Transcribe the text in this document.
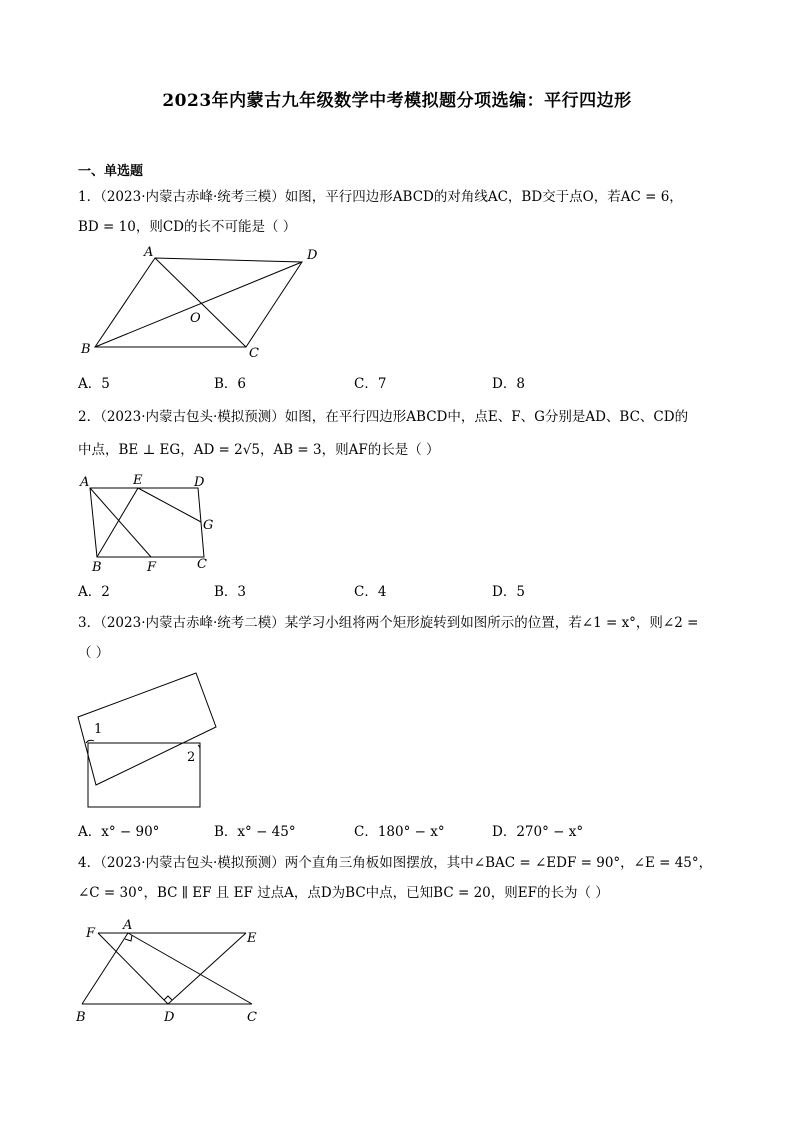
2023年内蒙古九年级数学中考模拟题分项选编：平行四边形
一、单选题
1．（2023·内蒙古赤峰·统考三模）如图，平行四边形ABCD的对角线AC，BD交于点O，若AC = 6，
BD = 10，则CD的长不可能是（ ）
A	D
B	C
O
A．5	B．6	C．7	D．8
2．（2023·内蒙古包头·模拟预测）如图，在平行四边形ABCD中，点E、F、G分别是AD、BC、CD的
中点，BE ⊥ EG，AD = 2√5，AB = 3，则AF的长是（ ）
A	E	D
G
B	F	C
A．2	B．3	C．4	D．5
3．（2023·内蒙古赤峰·统考二模）某学习小组将两个矩形旋转到如图所示的位置，若∠1 = x°，则∠2 =
（ ）
1
2
A．x° − 90°	B．x° − 45°	C．180° − x°	D．270° − x°
4．（2023·内蒙古包头·模拟预测）两个直角三角板如图摆放，其中∠BAC = ∠EDF = 90°，∠E = 45°，
∠C = 30°，BC ∥ EF 且 EF 过点A，点D为BC中点，已知BC = 20，则EF的长为（ ）
F
A
E
B	D	C
